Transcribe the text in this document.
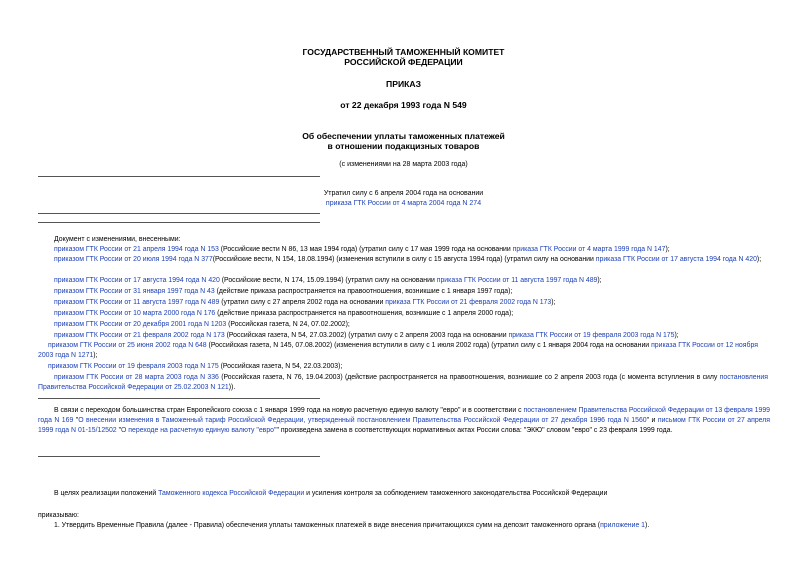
ГОСУДАРСТВЕННЫЙ ТАМОЖЕННЫЙ КОМИТЕТ
РОССИЙСКОЙ ФЕДЕРАЦИИ
ПРИКАЗ
от 22 декабря 1993 года N 549
Об обеспечении уплаты таможенных платежей
в отношении подакцизных товаров
(с изменениями на 28 марта 2003 года)
Утратил силу с 6 апреля 2004 года на основании
приказа ГТК России от 4 марта 2004 года N 274
Документ с изменениями, внесенными:
приказом ГТК России от 21 апреля 1994 года N 153 (Российские вести N 86, 13 мая 1994 года) (утратил силу с 17 мая 1999 года на основании приказа ГТК России от 4 марта 1999 года N 147);
приказом ГТК России от 20 июля 1994 года N 377(Российские вести, N 154, 18.08.1994) (изменения вступили в силу с 15 августа 1994 года) (утратил силу на основании приказа ГТК России от 17 августа 1994 года N 420);
приказом ГТК России от 17 августа 1994 года N 420 (Российские вести, N 174, 15.09.1994) (утратил силу на основании приказа ГТК России от 11 августа 1997 года N 489);
приказом ГТК России от 31 января 1997 года N 43 (действие приказа распространяется на правоотношения, возникшие с 1 января 1997 года);
приказом ГТК России от 11 августа 1997 года N 489 (утратил силу с 27 апреля 2002 года на основании приказа ГТК России от 21 февраля 2002 года N 173);
приказом ГТК России от 10 марта 2000 года N 176 (действие приказа распространяется на правоотношения, возникшие с 1 апреля 2000 года);
приказом ГТК России от 20 декабря 2001 года N 1203 (Российская газета, N 24, 07.02.2002);
приказом ГТК России от 21 февраля 2002 года N 173 (Российская газета, N 54, 27.03.2002) (утратил силу с 2 апреля 2003 года на основании приказа ГТК России от 19 февраля 2003 года N 175);
приказом ГТК России от 25 июня 2002 года N 648 (Российская газета, N 145, 07.08.2002) (изменения вступили в силу с 1 июля 2002 года) (утратил силу с 1 января 2004 года на основании приказа ГТК России от 12 ноября 2003 года N 1271);
приказом ГТК России от 19 февраля 2003 года N 175 (Российская газета, N 54, 22.03.2003);
приказом ГТК России от 28 марта 2003 года N 336 (Российская газета, N 76, 19.04.2003) (действие распространяется на правоотношения, возникшие со 2 апреля 2003 года (с момента вступления в силу постановления Правительства Российской Федерации от 25.02.2003 N 121)).
В связи с переходом большинства стран Европейского союза с 1 января 1999 года на новую расчетную единую валюту "евро" и в соответствии с постановлением Правительства Российской Федерации от 13 февраля 1999 года N 169 "О внесении изменения в Таможенный тариф Российской Федерации, утвержденный постановлением Правительства Российской Федерации от 27 декабря 1996 года N 1560" и письмом ГТК России от 27 апреля 1999 года N 01-15/12502 "О переходе на расчетную единую валюту "евро"" произведена замена в соответствующих нормативных актах России слова: "ЭКЮ" словом "евро" с 23 февраля 1999 года.
В целях реализации положений Таможенного кодекса Российской Федерации и усиления контроля за соблюдением таможенного законодательства Российской Федерации
приказываю:
1. Утвердить Временные Правила (далее - Правила) обеспечения уплаты таможенных платежей в виде внесения причитающихся сумм на депозит таможенного органа (приложение 1).
